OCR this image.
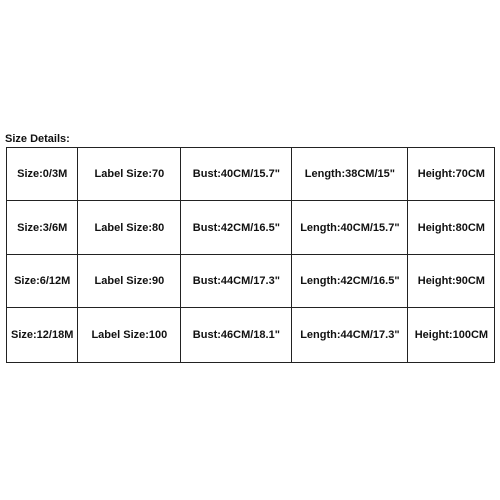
Size Details:
Size:0/3M	Label Size:70	Bust:40CM/15.7"	Length:38CM/15"	Height:70CM
Size:3/6M	Label Size:80	Bust:42CM/16.5"	Length:40CM/15.7"	Height:80CM
Size:6/12M	Label Size:90	Bust:44CM/17.3"	Length:42CM/16.5"	Height:90CM
Size:12/18M	Label Size:100	Bust:46CM/18.1"	Length:44CM/17.3"	Height:100CM
